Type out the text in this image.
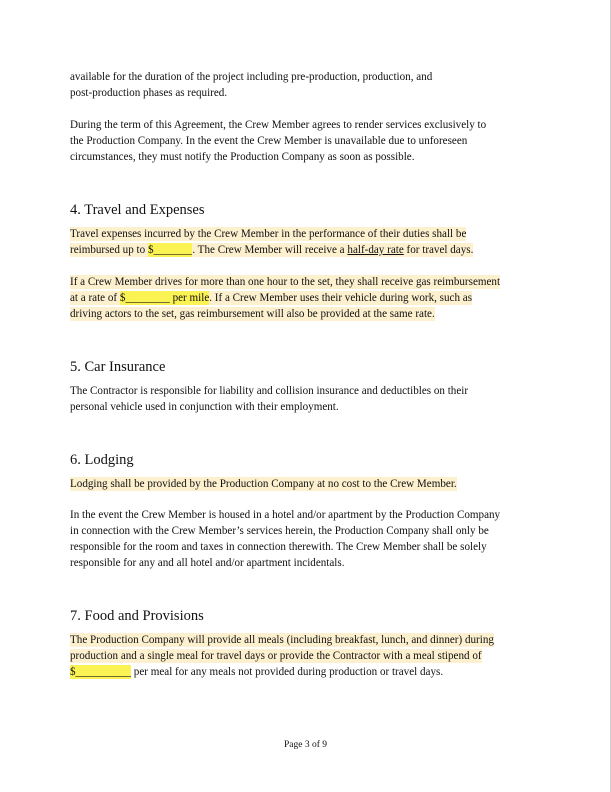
available for the duration of the project including pre-production, production, and
post-production phases as required.
During the term of this Agreement, the Crew Member agrees to render services exclusively to
the Production Company. In the event the Crew Member is unavailable due to unforeseen
circumstances, they must notify the Production Company as soon as possible.
4. Travel and Expenses
Travel expenses incurred by the Crew Member in the performance of their duties shall be
reimbursed up to $_______. The Crew Member will receive a half-day rate for travel days.
If a Crew Member drives for more than one hour to the set, they shall receive gas reimbursement
at a rate of $________ per mile. If a Crew Member uses their vehicle during work, such as
driving actors to the set, gas reimbursement will also be provided at the same rate.
5. Car Insurance
The Contractor is responsible for liability and collision insurance and deductibles on their
personal vehicle used in conjunction with their employment.
6. Lodging
Lodging shall be provided by the Production Company at no cost to the Crew Member.
In the event the Crew Member is housed in a hotel and/or apartment by the Production Company
in connection with the Crew Member’s services herein, the Production Company shall only be
responsible for the room and taxes in connection therewith. The Crew Member shall be solely
responsible for any and all hotel and/or apartment incidentals.
7. Food and Provisions
The Production Company will provide all meals (including breakfast, lunch, and dinner) during
production and a single meal for travel days or provide the Contractor with a meal stipend of
$__________ per meal for any meals not provided during production or travel days.
Page 3 of 9
